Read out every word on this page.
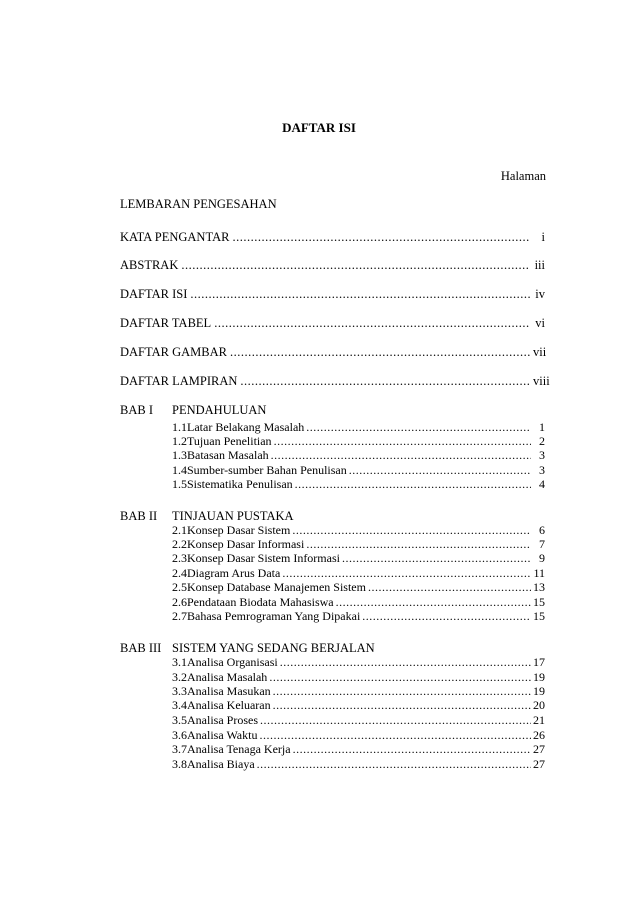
DAFTAR ISI
Halaman
LEMBARAN PENGESAHAN
KATA PENGANTAR .....	i
ABSTRAK .....	iii
DAFTAR ISI .....	iv
DAFTAR TABEL .....	vi
DAFTAR GAMBAR .....	vii
DAFTAR LAMPIRAN .....	viii
BAB I PENDAHULUAN
1.1 Latar Belakang Masalah .....	1
1.2 Tujuan Penelitian .....	2
1.3 Batasan Masalah .....	3
1.4 Sumber-sumber Bahan Penulisan .....	3
1.5 Sistematika Penulisan .....	4
BAB II TINJAUAN PUSTAKA
2.1 Konsep Dasar Sistem .....	6
2.2 Konsep Dasar Informasi .....	7
2.3 Konsep Dasar Sistem Informasi .....	9
2.4 Diagram Arus Data .....	11
2.5 Konsep Database Manajemen Sistem .....	13
2.6 Pendataan Biodata Mahasiswa .....	15
2.7 Bahasa Pemrograman Yang Dipakai .....	15
BAB III SISTEM YANG SEDANG BERJALAN
3.1 Analisa Organisasi .....	17
3.2 Analisa Masalah .....	19
3.3 Analisa Masukan .....	19
3.4 Analisa Keluaran .....	20
3.5 Analisa Proses .....	21
3.6 Analisa Waktu .....	26
3.7 Analisa Tenaga Kerja .....	27
3.8 Analisa Biaya .....	27
